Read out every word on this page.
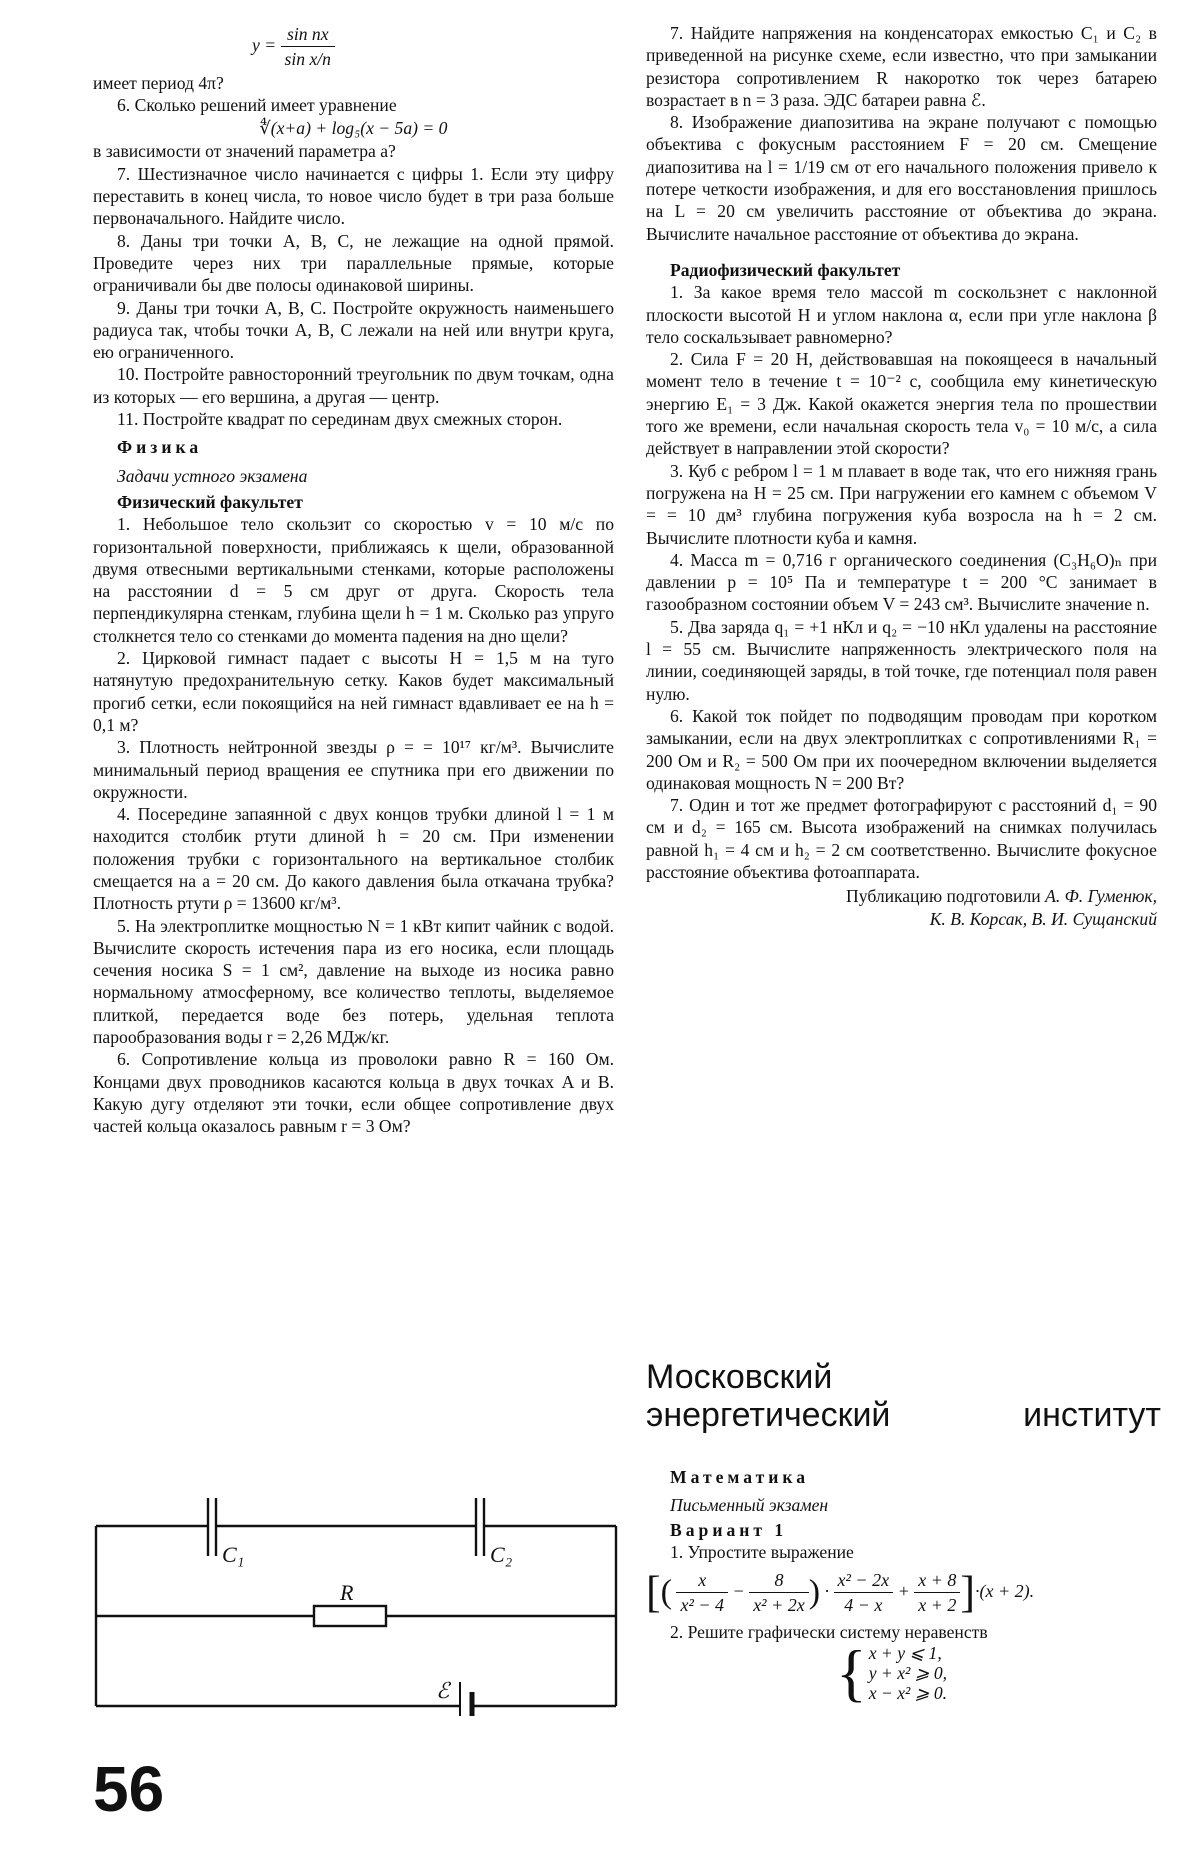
$y = \frac{\text{sin nx}}{\text{sin x/n}}$

имеет период 4π?

6. Сколько решений имеет уравнение

∜(x+a) + log₅(x − 5a) = 0

в зависимости от значений параметра a?

7. Шестизначное число начинается с цифры 1. Если эту цифру переставить в конец числа, то новое число будет в три раза больше первоначального. Найдите число.

8. Даны три точки A, B, C, не лежащие на одной прямой. Проведите через них три параллельные прямые, которые ограничивали бы две полосы одинаковой ширины.

9. Даны три точки A, B, C. Постройте окружность наименьшего радиуса так, чтобы точки A, B, C лежали на ней или внутри круга, ею ограниченного.

10. Постройте равносторонний треугольник по двум точкам, одна из которых — его вершина, а другая — центр.

11. Постройте квадрат по серединам двух смежных сторон.

Физика
Задачи устного экзамена
Физический факультет

1. Небольшое тело скользит со скоростью v = 10 м/с по горизонтальной поверхности, приближаясь к щели, образованной двумя отвесными вертикальными стенками, которые расположены на расстоянии d = 5 см друг от друга. Скорость тела перпендикулярна стенкам, глубина щели h = 1 м. Сколько раз упруго столкнется тело со стенками до момента падения на дно щели?

2. Цирковой гимнаст падает с высоты H = 1,5 м на туго натянутую предохранительную сетку. Каков будет максимальный прогиб сетки, если покоящийся на ней гимнаст вдавливает ее на h = 0,1 м?

3. Плотность нейтронной звезды ρ = = 10¹⁷ кг/м³. Вычислите минимальный период вращения ее спутника при его движении по окружности.

4. Посередине запаянной с двух концов трубки длиной l = 1 м находится столбик ртути длиной h = 20 см. При изменении положения трубки с горизонтального на вертикальное столбик смещается на a = 20 см. До какого давления была откачана трубка? Плотность ртути ρ = 13600 кг/м³.

5. На электроплитке мощностью N = 1 кВт кипит чайник с водой. Вычислите скорость истечения пара из его носика, если площадь сечения носика S = 1 см², давление на выходе из носика равно нормальному атмосферному, все количество теплоты, выделяемое плиткой, передается воде без потерь, удельная теплота парообразования воды r = 2,26 МДж/кг.

6. Сопротивление кольца из проволоки равно R = 160 Ом. Концами двух проводников касаются кольца в двух точках A и B. Какую дугу отделяют эти точки, если общее сопротивление двух частей кольца оказалось равным r = 3 Ом?

C₁	C₂
R
ℰ

7. Найдите напряжения на конденсаторах емкостью C₁ и C₂ в приведенной на рисунке схеме, если известно, что при замыкании резистора сопротивлением R накоротко ток через батарею возрастает в n = 3 раза. ЭДС батареи равна ℰ.

8. Изображение диапозитива на экране получают с помощью объектива с фокусным расстоянием F = 20 см. Смещение диапозитива на l = 1/19 см от его начального положения привело к потере четкости изображения, и для его восстановления пришлось на L = 20 см увеличить расстояние от объектива до экрана. Вычислите начальное расстояние от объектива до экрана.

Радиофизический факультет

1. За какое время тело массой m соскользнет с наклонной плоскости высотой H и углом наклона α, если при угле наклона β тело соскальзывает равномерно?

2. Сила F = 20 Н, действовавшая на покоящееся в начальный момент тело в течение t = 10⁻² с, сообщила ему кинетическую энергию E₁ = 3 Дж. Какой окажется энергия тела по прошествии того же времени, если начальная скорость тела v₀ = 10 м/с, а сила действует в направлении этой скорости?

3. Куб с ребром l = 1 м плавает в воде так, что его нижняя грань погружена на H = 25 см. При нагружении его камнем с объемом V = = 10 дм³ глубина погружения куба возросла на h = 2 см. Вычислите плотности куба и камня.

4. Масса m = 0,716 г органического соединения (C₃H₆O)ₙ при давлении p = 10⁵ Па и температуре t = 200 °C занимает в газообразном состоянии объем V = 243 см³. Вычислите значение n.

5. Два заряда q₁ = +1 нКл и q₂ = −10 нКл удалены на расстояние l = 55 см. Вычислите напряженность электрического поля на линии, соединяющей заряды, в той точке, где потенциал поля равен нулю.

6. Какой ток пойдет по подводящим проводам при коротком замыкании, если на двух электроплитках с сопротивлениями R₁ = 200 Ом и R₂ = 500 Ом при их поочередном включении выделяется одинаковая мощность N = 200 Вт?

7. Один и тот же предмет фотографируют с расстояний d₁ = 90 см и d₂ = 165 см. Высота изображений на снимках получилась равной h₁ = 4 см и h₂ = 2 см соответственно. Вычислите фокусное расстояние объектива фотоаппарата.

Публикацию подготовили А. Ф. Гуменюк,
К. В. Корсак, В. И. Сущанский
Московский
энергетический	институт
Математика
Письменный экзамен
Вариант 1

1. Упростите выражение

[( $\frac{x}{\text{x² − 4}} - \frac{8}{\text{x² + 2x}}$ ) · $\frac{\text{x² − 2x}}{4 - x} + \frac{x + 8}{x + 2} ]\cdot(x + 2)$.

2. Решите графически систему неравенств

{ x + y ⩽ 1,
y + x² ⩾ 0,
x − x² ⩾ 0.
56
